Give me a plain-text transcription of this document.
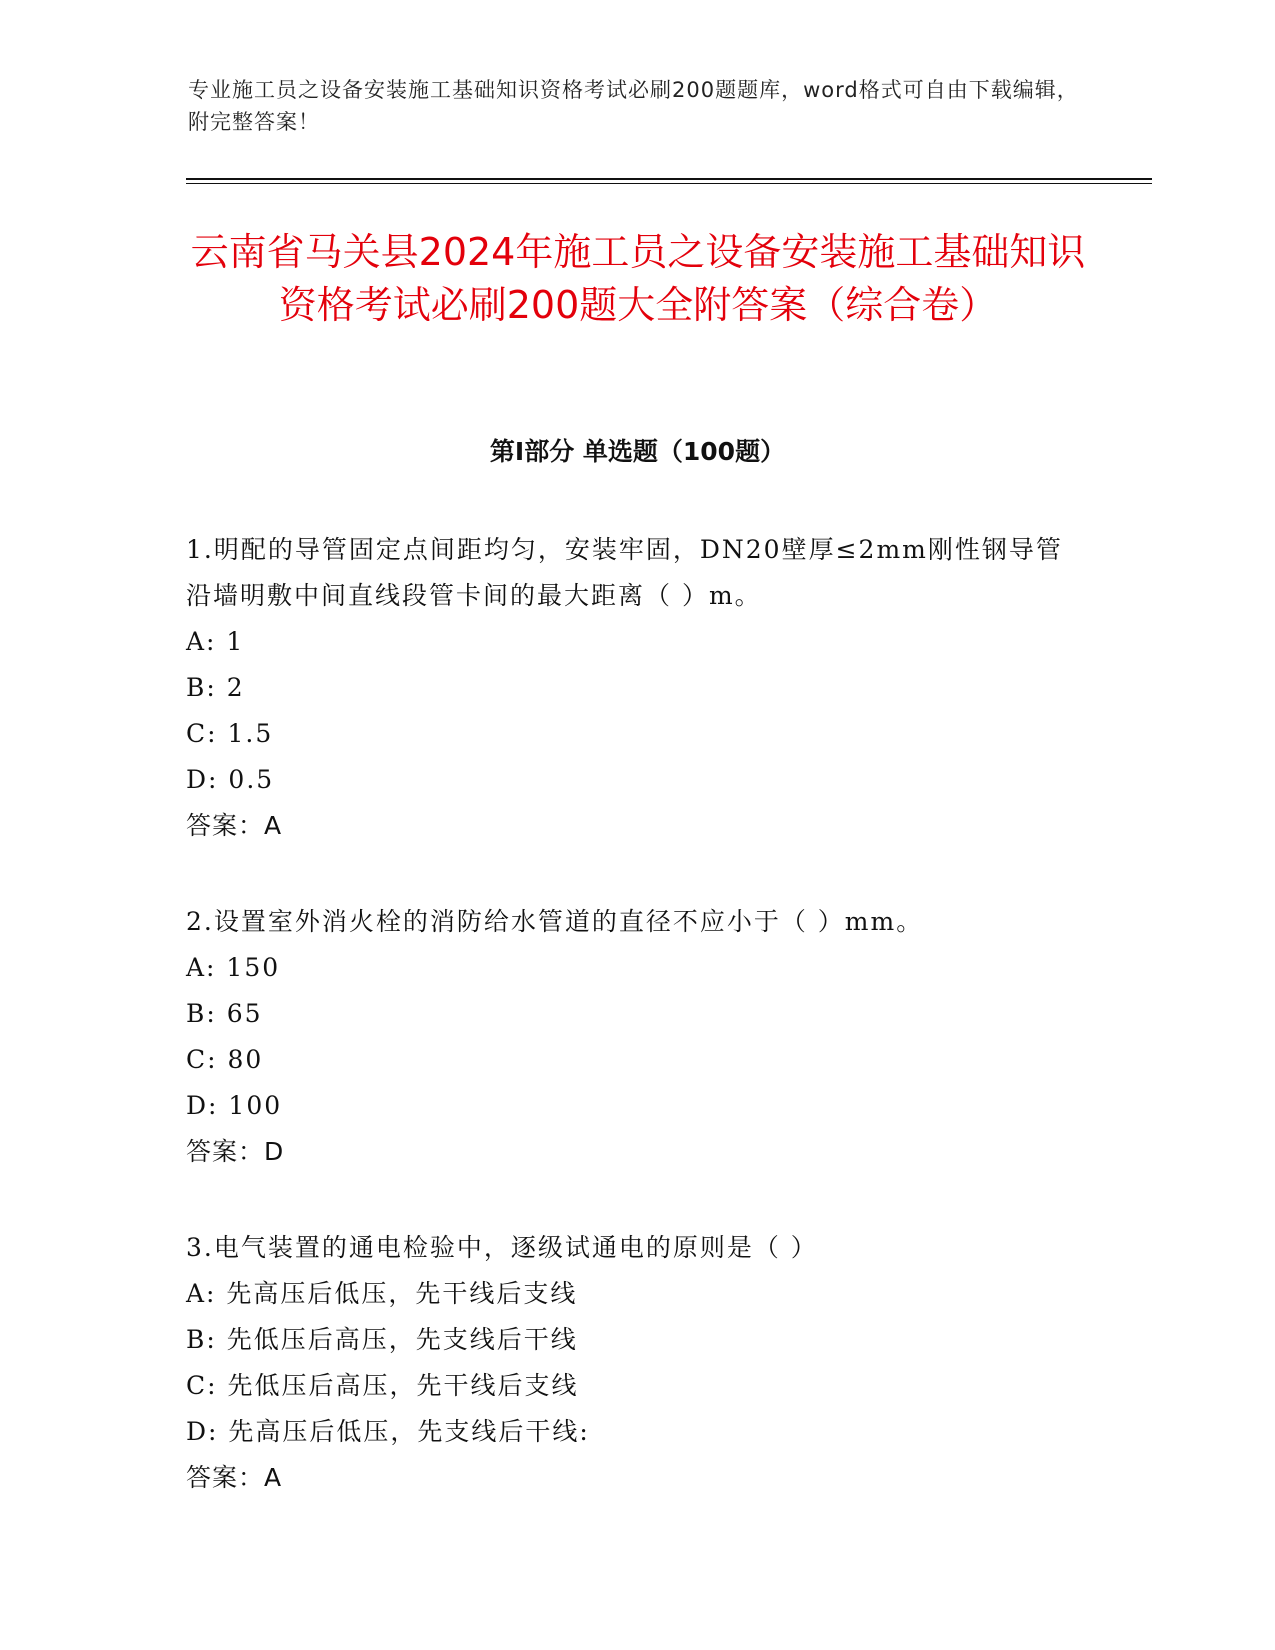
专业施工员之设备安装施工基础知识资格考试必刷200题题库，word格式可自由下载编辑，附完整答案！
云南省马关县2024年施工员之设备安装施工基础知识资格考试必刷200题大全附答案（综合卷）
第I部分 单选题（100题）

1.明配的导管固定点间距均匀，安装牢固，DN20壁厚≤2mm刚性钢导管沿墙明敷中间直线段管卡间的最大距离（ ）m。

A: 1

B: 2

C: 1.5

D: 0.5

答案：A

2.设置室外消火栓的消防给水管道的直径不应小于（ ）mm。

A: 150

B: 65

C: 80

D: 100

答案：D

3.电气装置的通电检验中，逐级试通电的原则是（ ）

A: 先高压后低压，先干线后支线

B: 先低压后高压，先支线后干线

C: 先低压后高压，先干线后支线

D: 先高压后低压，先支线后干线:

答案：A
